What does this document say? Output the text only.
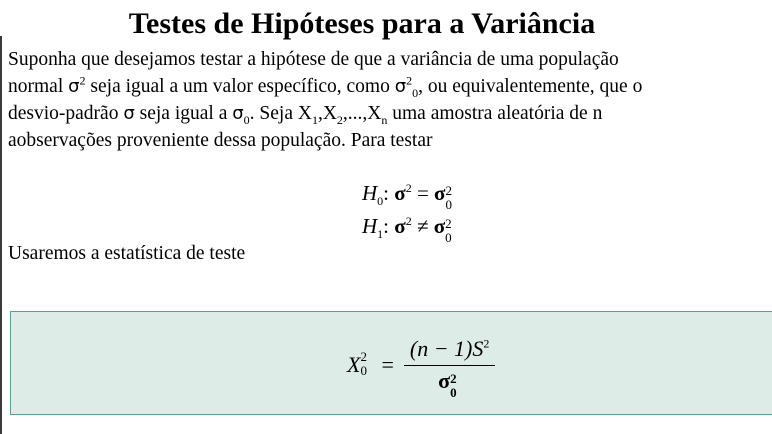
Testes de Hipóteses para a Variância
Suponha que desejamos testar a hipótese de que a variância de uma população
normal $\sigma^2$ seja igual a um valor específico, como $\sigma^2_0$, ou equivalentemente, que o
desvio-padrão σ seja igual a $\sigma_0$. Seja $X_1,X_2,...,X_n$ uma amostra aleatória de n
aobservações proveniente dessa população. Para testar
$H_0$: $\sigma^2 = \sigma$ 2
0
$H_1$: $\sigma^2 \ne \sigma$ 2
0
Usaremos a estatística de teste
X 2
$0 = (n - 1)S^2$
σ 2
0
